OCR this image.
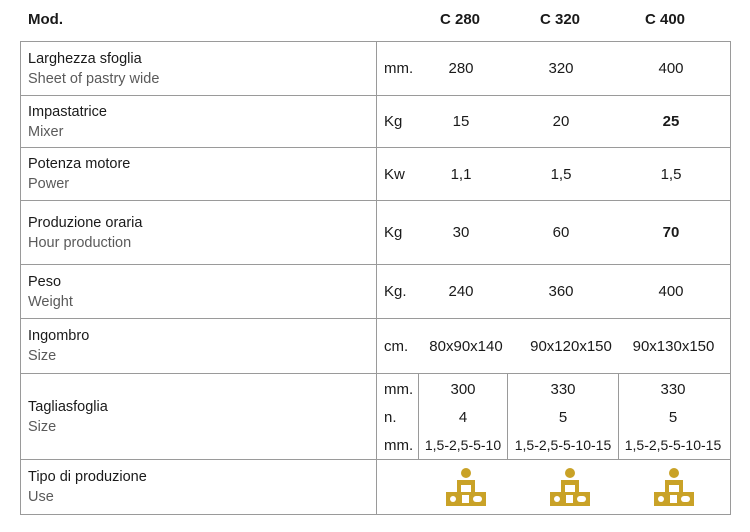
Mod.	C 280	C 320	C 400
Larghezza sfoglia
Sheet of pastry wide
mm.	280	320	400
Impastatrice
Mixer
Kg	15	20	25
Potenza motore
Power
Kw	1,1	1,5	1,5
Produzione oraria
Hour production
Kg	30	60	70
Peso
Weight
Kg.	240	360	400
Ingombro
Size
cm.	80x90x140	90x120x150	90x130x150
Tagliasfoglia
Size
mm.	300	330	330
n.	4	5	5
mm. 1,5-2,5-5-10 1,5-2,5-5-10-15 1,5-2,5-5-10-15
Tipo di produzione
Use
